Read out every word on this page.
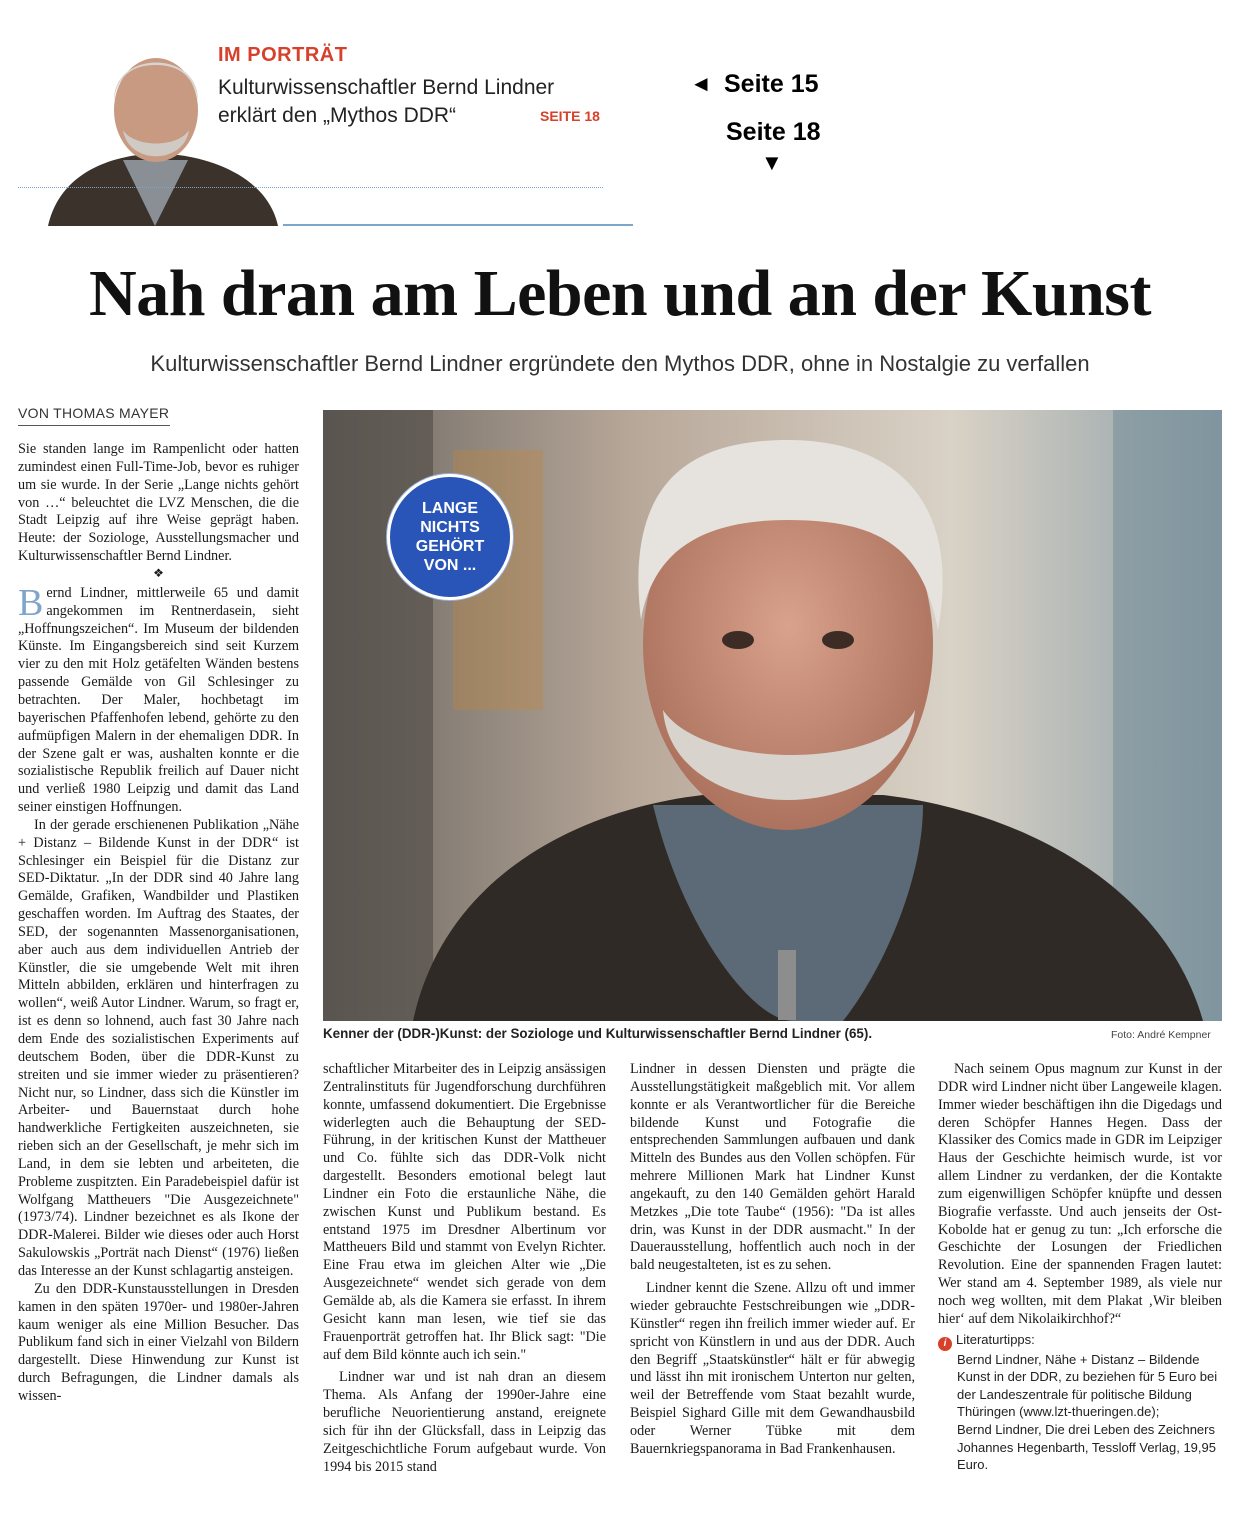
IM PORTRÄT
Kulturwissenschaftler Bernd Lindner
erklärt den „Mythos DDR“	SEITE 18
◄ Seite 15
Seite 18
▼
Nah dran am Leben und an der Kunst
Kulturwissenschaftler Bernd Lindner ergründete den Mythos DDR, ohne in Nostalgie zu verfallen
VON THOMAS MAYER

Sie standen lange im Rampenlicht oder hatten zumindest einen Full-Time-Job, bevor es ruhiger um sie wurde. In der Serie „Lange nichts gehört von …“ beleuchtet die LVZ Menschen, die die Stadt Leipzig auf ihre Weise geprägt haben. Heute: der Soziologe, Ausstellungsmacher und Kulturwissenschaftler Bernd Lindner.

❖

Bernd Lindner, mittlerweile 65 und damit angekommen im Rentnerdasein, sieht „Hoffnungszeichen“. Im Museum der bildenden Künste. Im Eingangsbereich sind seit Kurzem vier zu den mit Holz getäfelten Wänden bestens passende Gemälde von Gil Schlesinger zu betrachten. Der Maler, hochbetagt im bayerischen Pfaffenhofen lebend, gehörte zu den aufmüpfigen Malern in der ehemaligen DDR. In der Szene galt er was, aushalten konnte er die sozialistische Republik freilich auf Dauer nicht und verließ 1980 Leipzig und damit das Land seiner einstigen Hoffnungen.

In der gerade erschienenen Publikation „Nähe + Distanz – Bildende Kunst in der DDR“ ist Schlesinger ein Beispiel für die Distanz zur SED-Diktatur. „In der DDR sind 40 Jahre lang Gemälde, Grafiken, Wandbilder und Plastiken geschaffen worden. Im Auftrag des Staates, der SED, der sogenannten Massenorganisationen, aber auch aus dem individuellen Antrieb der Künstler, die sie umgebende Welt mit ihren Mitteln abbilden, erklären und hinterfragen zu wollen“, weiß Autor Lindner. Warum, so fragt er, ist es denn so lohnend, auch fast 30 Jahre nach dem Ende des sozialistischen Experiments auf deutschem Boden, über die DDR-Kunst zu streiten und sie immer wieder zu präsentieren? Nicht nur, so Lindner, dass sich die Künstler im Arbeiter- und Bauernstaat durch hohe handwerkliche Fertigkeiten auszeichneten, sie rieben sich an der Gesellschaft, je mehr sich im Land, in dem sie lebten und arbeiteten, die Probleme zuspitzten. Ein Paradebeispiel dafür ist Wolfgang Mattheuers "Die Ausgezeichnete" (1973/74). Lindner bezeichnet es als Ikone der DDR-Malerei. Bilder wie dieses oder auch Horst Sakulowskis „Porträt nach Dienst“ (1976) ließen das Interesse an der Kunst schlagartig ansteigen.

Zu den DDR-Kunstausstellungen in Dresden kamen in den späten 1970er- und 1980er-Jahren kaum weniger als eine Million Besucher. Das Publikum fand sich in einer Vielzahl von Bildern dargestellt. Diese Hinwendung zur Kunst ist durch Befragungen, die Lindner damals als wissen-

LANGE
NICHTS
GEHÖRT
VON ...
Kenner der (DDR-)Kunst: der Soziologe und Kulturwissenschaftler Bernd Lindner (65).	Foto: André Kempner

schaftlicher Mitarbeiter des in Leipzig ansässigen Zentralinstituts für Jugendforschung durchführen konnte, umfassend dokumentiert. Die Ergebnisse widerlegten auch die Behauptung der SED-Führung, in der kritischen Kunst der Mattheuer und Co. fühlte sich das DDR-Volk nicht dargestellt. Besonders emotional belegt laut Lindner ein Foto die erstaunliche Nähe, die zwischen Kunst und Publikum bestand. Es entstand 1975 im Dresdner Albertinum vor Mattheuers Bild und stammt von Evelyn Richter. Eine Frau etwa im gleichen Alter wie „Die Ausgezeichnete“ wendet sich gerade von dem Gemälde ab, als die Kamera sie erfasst. In ihrem Gesicht kann man lesen, wie tief sie das Frauenporträt getroffen hat. Ihr Blick sagt: "Die auf dem Bild könnte auch ich sein."

Lindner war und ist nah dran an diesem Thema. Als Anfang der 1990er-Jahre eine berufliche Neuorientierung anstand, ereignete sich für ihn der Glücksfall, dass in Leipzig das Zeitgeschichtliche Forum aufgebaut wurde. Von 1994 bis 2015 stand

Lindner in dessen Diensten und prägte die Ausstellungstätigkeit maßgeblich mit. Vor allem konnte er als Verantwortlicher für die Bereiche bildende Kunst und Fotografie die entsprechenden Sammlungen aufbauen und dank Mitteln des Bundes aus den Vollen schöpfen. Für mehrere Millionen Mark hat Lindner Kunst angekauft, zu den 140 Gemälden gehört Harald Metzkes „Die tote Taube“ (1956): "Da ist alles drin, was Kunst in der DDR ausmacht." In der Dauerausstellung, hoffentlich auch noch in der bald neugestalteten, ist es zu sehen.

Lindner kennt die Szene. Allzu oft und immer wieder gebrauchte Festschreibungen wie „DDR-Künstler“ regen ihn freilich immer wieder auf. Er spricht von Künstlern in und aus der DDR. Auch den Begriff „Staatskünstler“ hält er für abwegig und lässt ihn mit ironischem Unterton nur gelten, weil der Betreffende vom Staat bezahlt wurde, Beispiel Sighard Gille mit dem Gewandhausbild oder Werner Tübke mit dem Bauernkriegspanorama in Bad Frankenhausen.

Nach seinem Opus magnum zur Kunst in der DDR wird Lindner nicht über Langeweile klagen. Immer wieder beschäftigen ihn die Digedags und deren Schöpfer Hannes Hegen. Dass der Klassiker des Comics made in GDR im Leipziger Haus der Geschichte heimisch wurde, ist vor allem Lindner zu verdanken, der die Kontakte zum eigenwilligen Schöpfer knüpfte und dessen Biografie verfasste. Und auch jenseits der Ost-Kobolde hat er genug zu tun: „Ich erforsche die Geschichte der Losungen der Friedlichen Revolution. Eine der spannenden Fragen lautet: Wer stand am 4. September 1989, als viele nur noch weg wollten, mit dem Plakat ‚Wir bleiben hier‘ auf dem Nikolaikirchhof?“

i Literaturtipps:
Bernd Lindner, Nähe + Distanz – Bildende Kunst in der DDR, zu beziehen für 5 Euro bei der Landeszentrale für politische Bildung Thüringen (www.lzt-thueringen.de);
Bernd Lindner, Die drei Leben des Zeichners Johannes Hegenbarth, Tessloff Verlag, 19,95 Euro.
